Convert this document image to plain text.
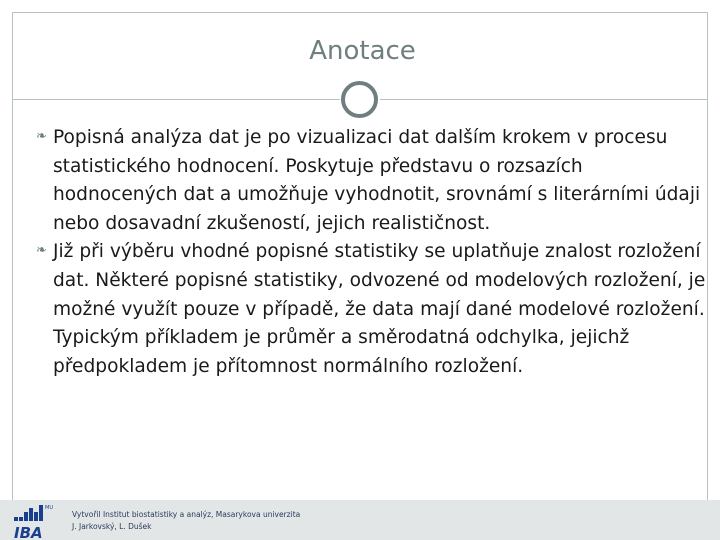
Anotace
❧ Popisná analýza dat je po vizualizaci dat dalším krokem v procesu statistického hodnocení. Poskytuje představu o rozsazích hodnocených dat a umožňuje vyhodnotit, srovnámí s literárními údaji nebo dosavadní zkušeností, jejich realističnost.
❧ Již při výběru vhodné popisné statistiky se uplatňuje znalost rozložení dat. Některé popisné statistiky, odvozené od modelových rozložení, je možné využít pouze v případě, že data mají dané modelové rozložení. Typickým příkladem je průměr a směrodatná odchylka, jejichž předpokladem je přítomnost normálního rozložení.
MU
IBA
Vytvořil Institut biostatistiky a analýz, Masarykova univerzita
J. Jarkovský, L. Dušek
